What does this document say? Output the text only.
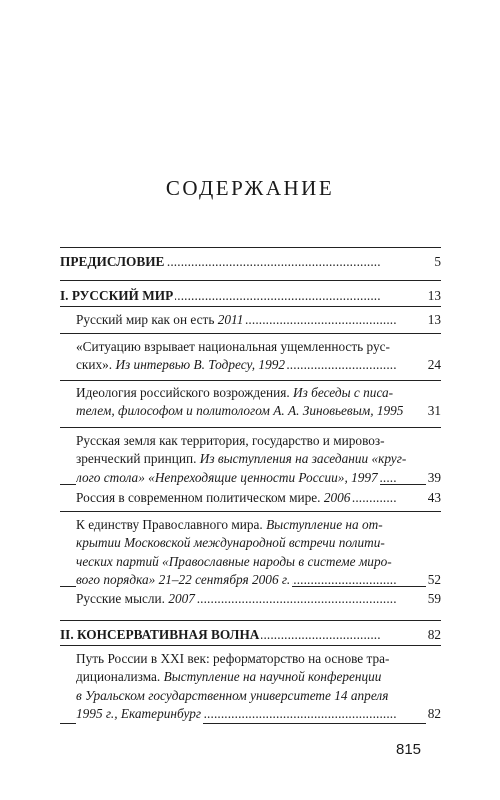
СОДЕРЖАНИЕ
ПРЕДИСЛОВИЕ	5
. . .
I. РУССКИЙ МИР	13
. . .
Русский мир как он есть 2011	13
. . .
«Ситуацию взрывает национальная ущемленность рус-
ских». Из интервью В. Тодресу, 1992	24
. . .
Идеология российского возрождения. Из беседы с писа-
телем, философом и политологом А. А. Зиновьевым, 1995 31
. . .
Русская земля как территория, государство и мировоз-
зренческий принцип. Из выступления на заседании «круг-
лого стола» «Непреходящие ценности России», 1997	39
. . .
Россия в современном политическом мире. 2006	43
. . .
К единству Православного мира. Выступление на от-
крытии Московской международной встречи полити-
ческих партий «Православные народы в системе миро-
вого порядка» 21–22 сентября 2006 г.	52
. . .
Русские мысли. 2007	59
. . .
II. КОНСЕРВАТИВНАЯ ВОЛНА	82
. . .
Путь России в XXI век: реформаторство на основе тра-
диционализма. Выступление на научной конференции
в Уральском государственном университете 14 апреля
1995 г., Екатеринбург	82
. . .
815
